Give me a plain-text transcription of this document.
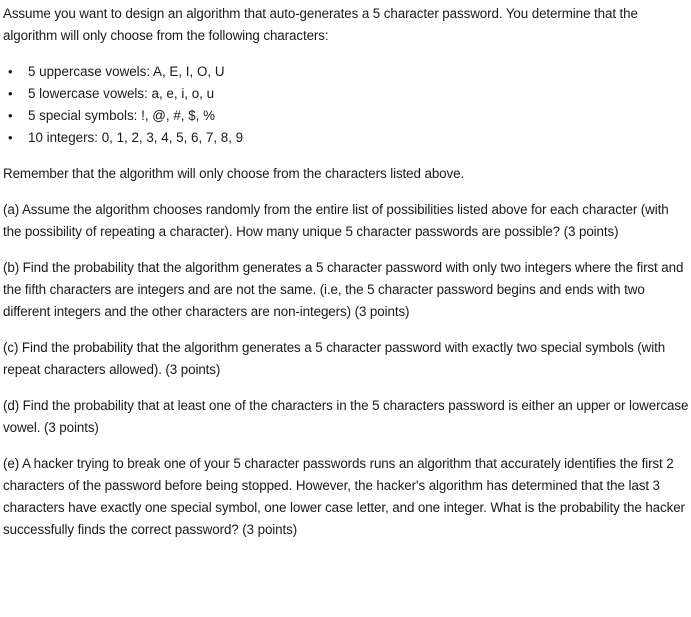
Assume you want to design an algorithm that auto-generates a 5 character password. You determine that the algorithm will only choose from the following characters:

• 5 uppercase vowels: A, E, I, O, U
• 5 lowercase vowels: a, e, i, o, u
• 5 special symbols: !, @, #, $, %
• 10 integers: 0, 1, 2, 3, 4, 5, 6, 7, 8, 9

Remember that the algorithm will only choose from the characters listed above.

(a) Assume the algorithm chooses randomly from the entire list of possibilities listed above for each character (with the possibility of repeating a character). How many unique 5 character passwords are possible? (3 points)

(b) Find the probability that the algorithm generates a 5 character password with only two integers where the first and the fifth characters are integers and are not the same. (i.e, the 5 character password begins and ends with two different integers and the other characters are non-integers) (3 points)

(c) Find the probability that the algorithm generates a 5 character password with exactly two special symbols (with repeat characters allowed). (3 points)

(d) Find the probability that at least one of the characters in the 5 characters password is either an upper or lowercase vowel. (3 points)

(e) A hacker trying to break one of your 5 character passwords runs an algorithm that accurately identifies the first 2 characters of the password before being stopped. However, the hacker's algorithm has determined that the last 3 characters have exactly one special symbol, one lower case letter, and one integer. What is the probability the hacker successfully finds the correct password? (3 points)
